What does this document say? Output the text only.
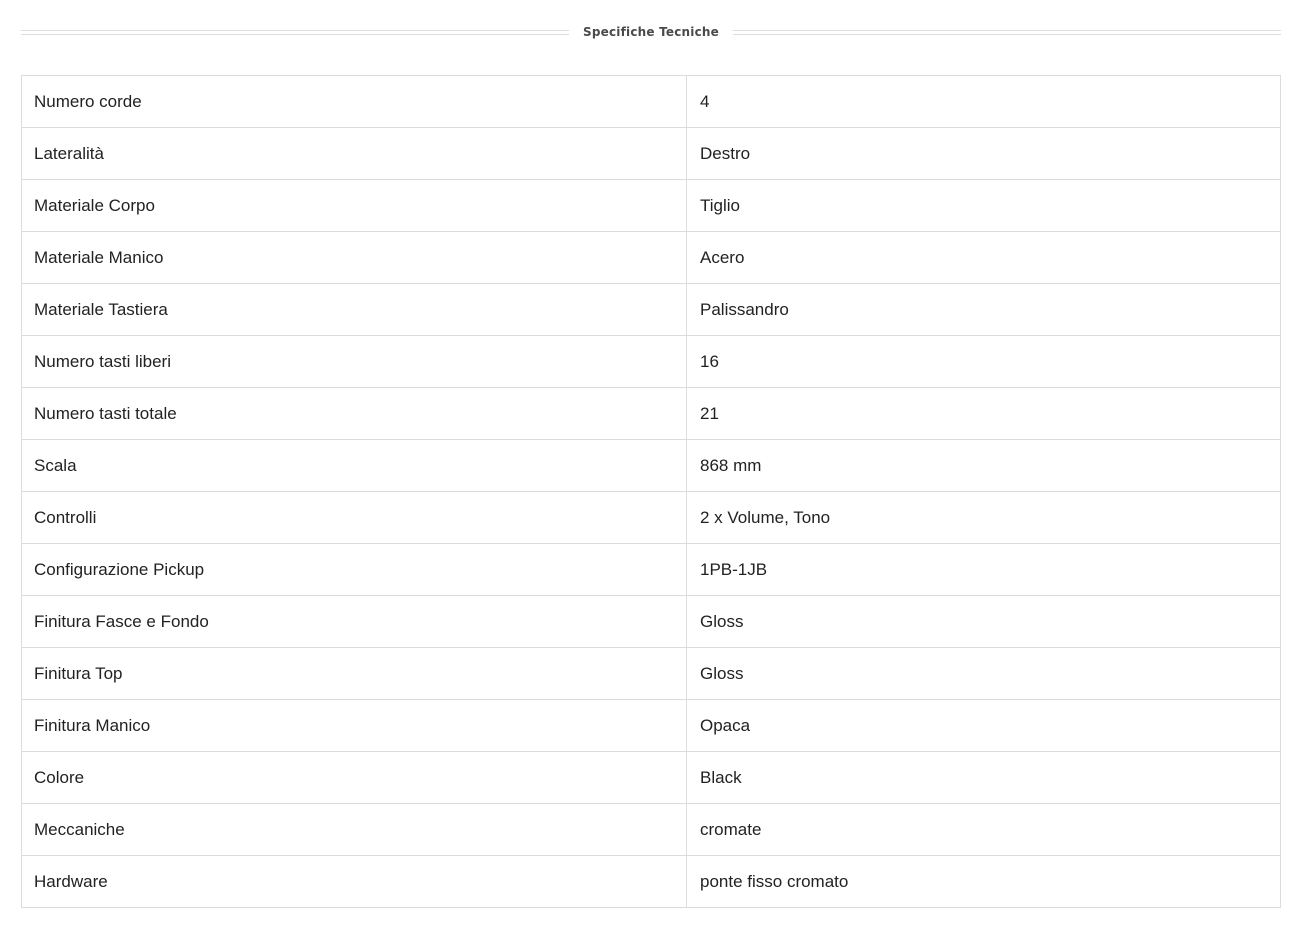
Specifiche Tecniche
Numero corde	4
Lateralità	Destro
Materiale Corpo	Tiglio
Materiale Manico	Acero
Materiale Tastiera	Palissandro
Numero tasti liberi	16
Numero tasti totale	21
Scala	868 mm
Controlli	2 x Volume, Tono
Configurazione Pickup	1PB-1JB
Finitura Fasce e Fondo	Gloss
Finitura Top	Gloss
Finitura Manico	Opaca
Colore	Black
Meccaniche	cromate
Hardware	ponte fisso cromato
